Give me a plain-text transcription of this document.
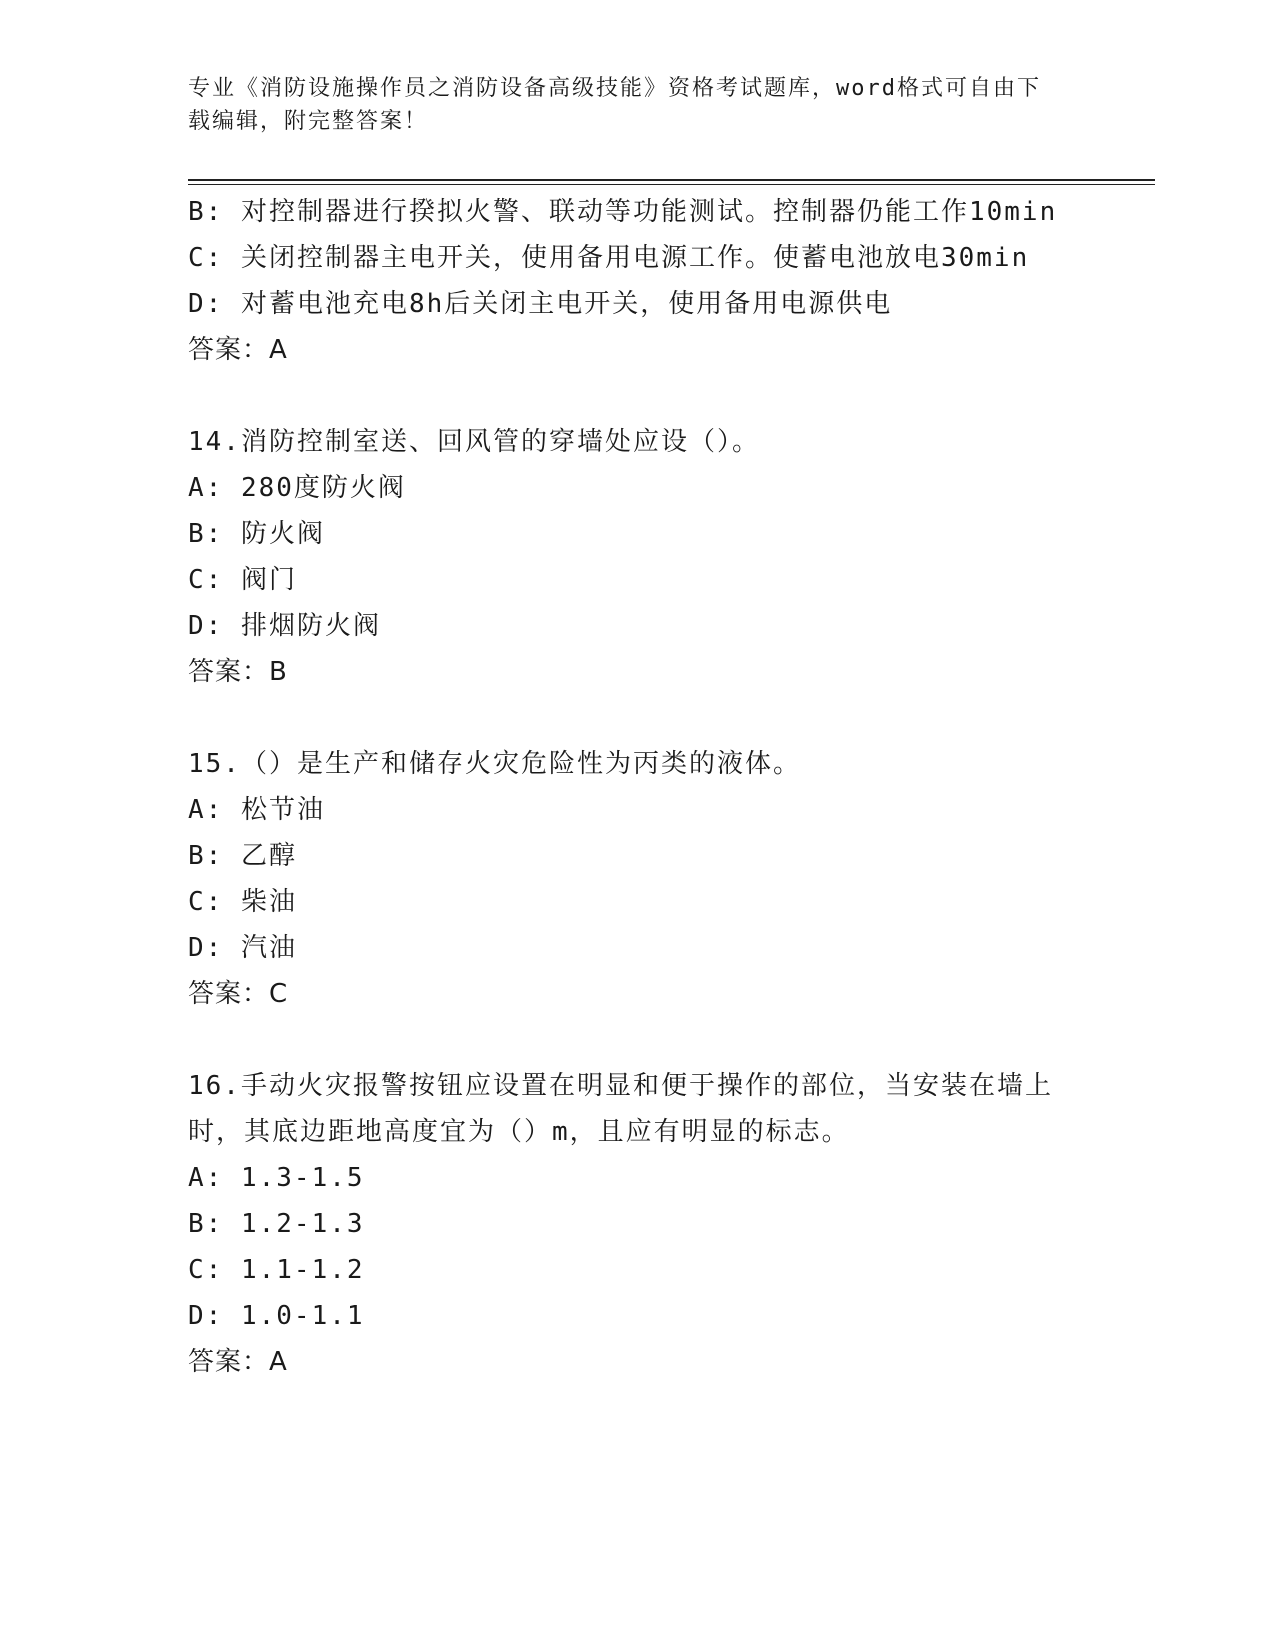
专业《消防设施操作员之消防设备高级技能》资格考试题库，word格式可自由下
载编辑，附完整答案！
B: 对控制器进行揆拟火警、联动等功能测试。控制器仍能工作10min
C: 关闭控制器主电开关，使用备用电源工作。使蓄电池放电30min
D: 对蓄电池充电8h后关闭主电开关，使用备用电源供电
答案：A
14.消防控制室送、回风管的穿墙处应设（）。
A: 280度防火阀
B: 防火阀
C: 阀门
D: 排烟防火阀
答案：B
15.（）是生产和储存火灾危险性为丙类的液体。
A: 松节油
B: 乙醇
C: 柴油
D: 汽油
答案：C
16.手动火灾报警按钮应设置在明显和便于操作的部位，当安装在墙上
时，其底边距地高度宜为（）m，且应有明显的标志。
A: 1.3-1.5
B: 1.2-1.3
C: 1.1-1.2
D: 1.0-1.1
答案：A
